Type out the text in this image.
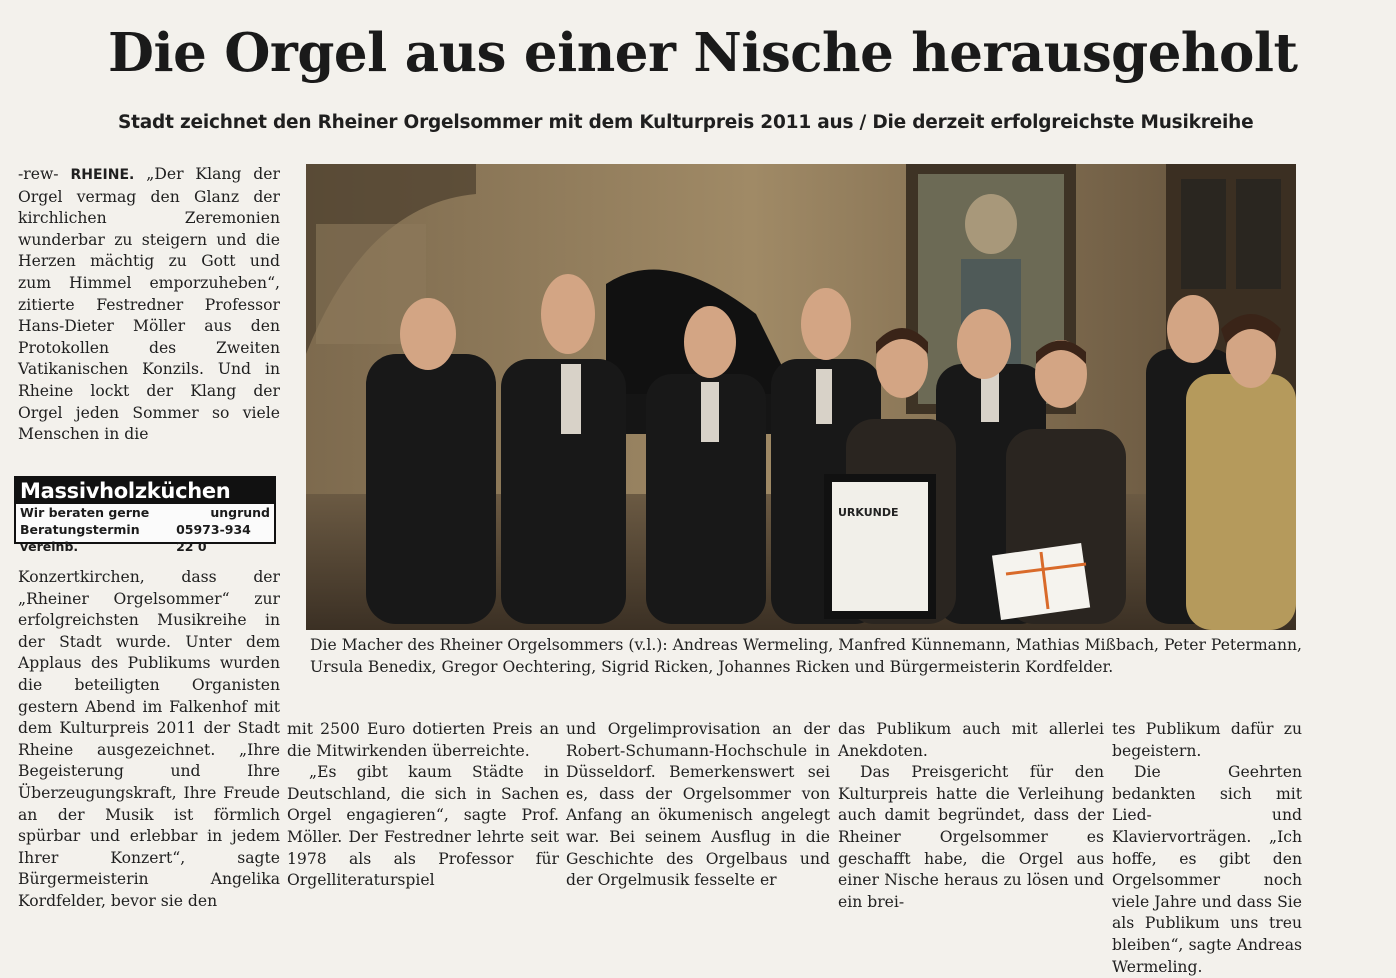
Die Orgel aus einer Nische herausgeholt
Stadt zeichnet den Rheiner Orgelsommer mit dem Kulturpreis 2011 aus / Die derzeit erfolgreichste Musikreihe

-rew- RHEINE. „Der Klang der Orgel vermag den Glanz der kirchlichen Zeremonien wunderbar zu steigern und die Herzen mächtig zu Gott und zum Himmel emporzuheben“, zitierte Festredner Professor Hans-Dieter Möller aus den Protokollen des Zweiten Vatikanischen Konzils. Und in Rheine lockt der Klang der Orgel jeden Sommer so viele Menschen in die

Massivholzküchen
Wir beraten gerne	ungrund
Beratungstermin vereinb.
05973-934 22 0

Konzertkirchen, dass der „Rheiner Orgelsommer“ zur erfolgreichsten Musikreihe in der Stadt wurde. Unter dem Applaus des Publikums wurden die beteiligten Organisten gestern Abend im Falkenhof mit dem Kulturpreis 2011 der Stadt Rheine ausgezeichnet. „Ihre Begeisterung und Ihre Überzeugungskraft, Ihre Freude an der Musik ist förmlich spürbar und erlebbar in jedem Ihrer Konzert“, sagte Bürgermeisterin Angelika Kordfelder, bevor sie den

URKUNDE
Die Macher des Rheiner Orgelsommers (v.l.): Andreas Wermeling, Manfred Künnemann, Mathias Mißbach, Peter Petermann, Ursula Benedix, Gregor Oechtering, Sigrid Ricken, Johannes Ricken und Bürgermeisterin Kordfelder.

mit 2500 Euro dotierten Preis an die Mitwirkenden überreichte.

„Es gibt kaum Städte in Deutschland, die sich in Sachen Orgel engagieren“, sagte Prof. Möller. Der Festredner lehrte seit 1978 als als Professor für Orgelliteraturspiel

und Orgelimprovisation an der Robert-Schumann-Hochschule in Düsseldorf. Bemerkenswert sei es, dass der Orgelsommer von Anfang an ökumenisch angelegt war. Bei seinem Ausflug in die Geschichte des Orgelbaus und der Orgelmusik fesselte er

das Publikum auch mit allerlei Anekdoten.

Das Preisgericht für den Kulturpreis hatte die Verleihung auch damit begründet, dass der Rheiner Orgelsommer es geschafft habe, die Orgel aus einer Nische heraus zu lösen und ein brei-

tes Publikum dafür zu begeistern.

Die Geehrten bedankten sich mit Lied- und Klaviervorträgen. „Ich hoffe, es gibt den Orgelsommer noch viele Jahre und dass Sie als Publikum uns treu bleiben“, sagte Andreas Wermeling.
